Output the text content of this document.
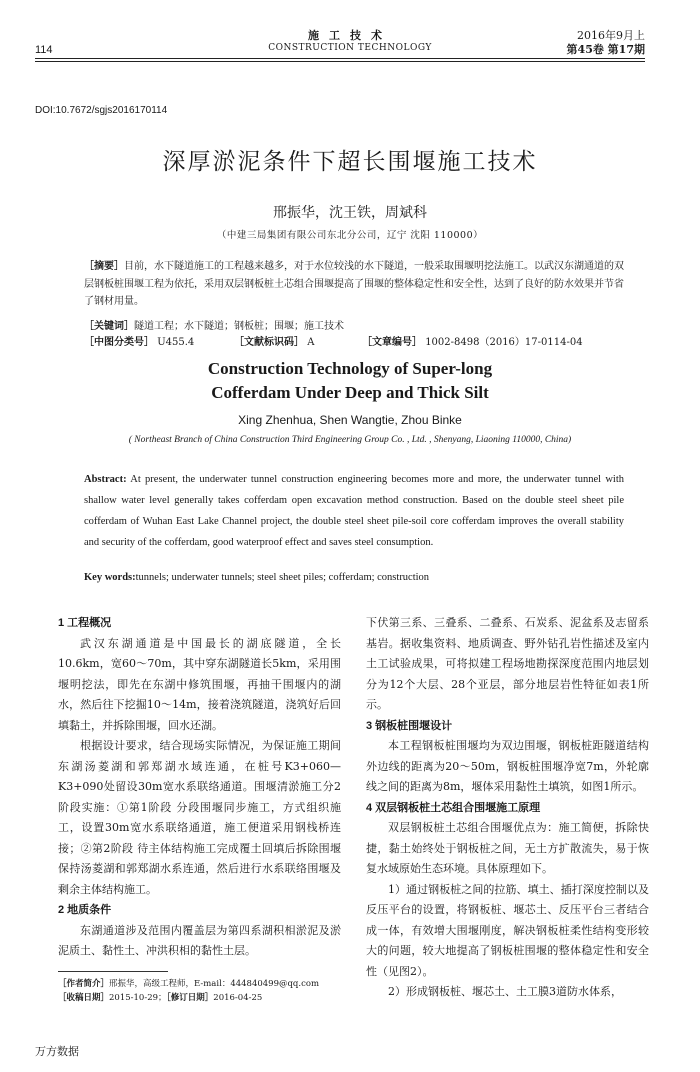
施工技术
CONSTRUCTION TECHNOLOGY
114
2016年9月上
第45卷 第17期
DOI:10.7672/sgjs2016170114
深厚淤泥条件下超长围堰施工技术
邢振华，沈王铁，周斌科
（中建三局集团有限公司东北分公司，辽宁 沈阳 110000）
［摘要］目前，水下隧道施工的工程越来越多，对于水位较浅的水下隧道，一般采取围堰明挖法施工。以武汉东湖通道的双层钢板桩围堰工程为依托，采用双层钢板桩土芯组合围堰提高了围堰的整体稳定性和安全性，达到了良好的防水效果并节省了钢材用量。
［关键词］隧道工程；水下隧道；钢板桩；围堰；施工技术
［中图分类号］ U455.4	［文献标识码］ A	［文章编号］ 1002-8498（2016）17-0114-04
Construction Technology of Super-long Cofferdam Under Deep and Thick Silt
Xing Zhenhua, Shen Wangtie, Zhou Binke
( Northeast Branch of China Construction Third Engineering Group Co. , Ltd. , Shenyang, Liaoning 110000, China)
Abstract: At present, the underwater tunnel construction engineering becomes more and more, the underwater tunnel with shallow water level generally takes cofferdam open excavation method construction. Based on the double steel sheet pile cofferdam of Wuhan East Lake Channel project, the double steel sheet pile-soil core cofferdam improves the overall stability and security of the cofferdam, good waterproof effect and saves steel consumption.
Key words:tunnels; underwater tunnels; steel sheet piles; cofferdam; construction
1 工程概况
武汉东湖通道是中国最长的湖底隧道，全长10.6km，宽60～70m，其中穿东湖隧道长5km，采用围堰明挖法，即先在东湖中修筑围堰，再抽干围堰内的湖水，然后往下挖掘10～14m，接着浇筑隧道，浇筑好后回填黏土，并拆除围堰，回水还湖。
根据设计要求，结合现场实际情况，为保证施工期间东湖汤菱湖和郭郑湖水域连通，在桩号K3+060—K3+090处留设30m宽水系联络通道。围堰清淤施工分2阶段实施：①第1阶段 分段围堰同步施工，方式组织施工，设置30m宽水系联络通道，施工便道采用钢栈桥连接；②第2阶段 待主体结构施工完成覆土回填后拆除围堰保持汤菱湖和郭郑湖水系连通，然后进行水系联络围堰及剩余主体结构施工。
2 地质条件
东湖通道涉及范围内覆盖层为第四系湖积相淤泥及淤泥质土、黏性土、冲洪积相的黏性土层。
［作者简介］邢振华，高级工程师，E-mail：444840499@qq.com
［收稿日期］2015-10-29；［修订日期］2016-04-25
下伏第三系、三叠系、二叠系、石炭系、泥盆系及志留系基岩。据收集资料、地质调查、野外钻孔岩性描述及室内土工试验成果，可将拟建工程场地勘探深度范围内地层划分为12个大层、28个亚层，部分地层岩性特征如表1所示。
3 钢板桩围堰设计
本工程钢板桩围堰均为双边围堰，钢板桩距隧道结构外边线的距离为20～50m，钢板桩围堰净宽7m，外轮廓线之间的距离为8m，堰体采用黏性土填筑，如图1所示。
4 双层钢板桩土芯组合围堰施工原理
双层钢板桩土芯组合围堰优点为：施工简便，拆除快捷，黏土始终处于钢板桩之间，无土方扩散流失，易于恢复水域原始生态环境。具体原理如下。
1）通过钢板桩之间的拉筋、填土、插打深度控制以及反压平台的设置，将钢板桩、堰芯土、反压平台三者结合成一体，有效增大围堰刚度，解决钢板桩柔性结构变形较大的问题，较大地提高了钢板桩围堰的整体稳定性和安全性（见图2）。
2）形成钢板桩、堰芯土、土工膜3道防水体系，
万方数据
